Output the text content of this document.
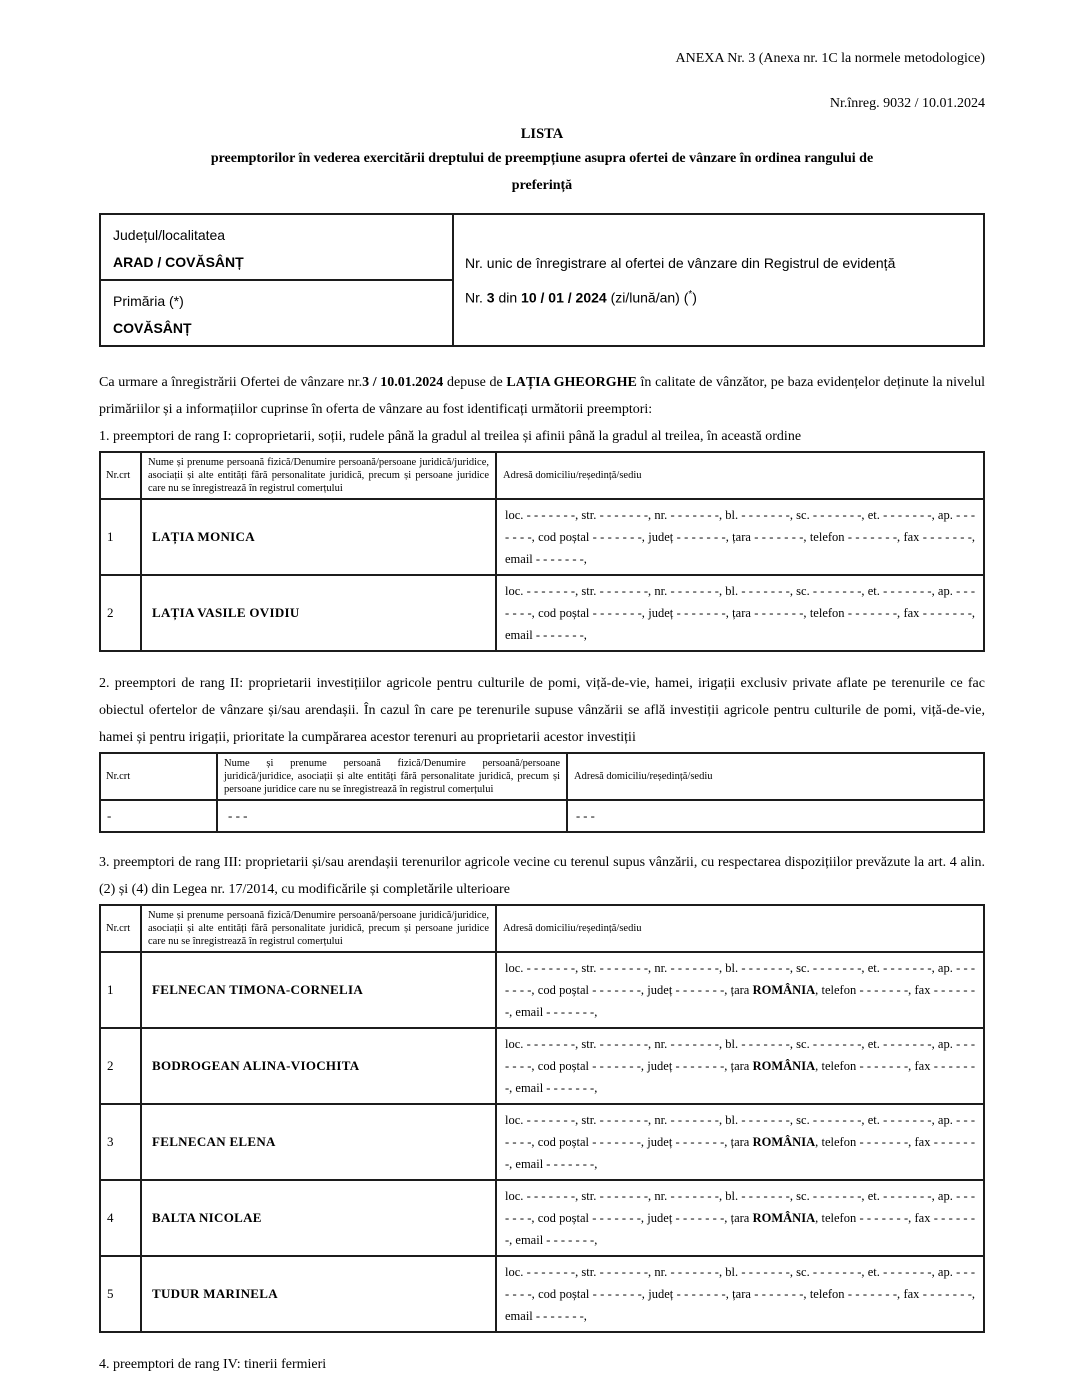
ANEXA Nr. 3 (Anexa nr. 1C la normele metodologice)
Nr.înreg. 9032 / 10.01.2024
LISTA
preemptorilor în vederea exercitării dreptului de preempțiune asupra ofertei de vânzare în ordinea rangului de
preferință
Județul/localitatea
ARAD / COVĂSÂNȚ	Nr. unic de înregistrare al ofertei de vânzare din Registrul de evidență
Nr. 3 din 10 / 01 / 2024 (zi/lună/an) (*)

Primăria (*)
COVĂSÂNȚ

Ca urmare a înregistrării Ofertei de vânzare nr.3 / 10.01.2024 depuse de LAȚIA GHEORGHE în calitate de vânzător, pe baza evidențelor deținute la nivelul primăriilor și a informațiilor cuprinse în oferta de vânzare au fost identificați următorii preemptori:

1. preemptori de rang I: coproprietarii, soții, rudele până la gradul al treilea și afinii până la gradul al treilea, în această ordine

Nr.crt	Nume și prenume persoană fizică/Denumire persoană/persoane juridică/juridice, asociații și alte entități fără personalitate juridică, precum și persoane juridice care nu se înregistrează în registrul comerțului	Adresă domiciliu/reședință/sediu
1	LAȚIA MONICA	loc. - - - - - - -, str. - - - - - - -, nr. - - - - - - -, bl. - - - - - - -, sc. - - - - - - -, et. - - - - - - -, ap. - - - - - - -, cod poștal - - - - - - -, județ - - - - - - -, țara - - - - - - -, telefon - - - - - - -, fax - - - - - - -, email - - - - - - -,
2	LAȚIA VASILE OVIDIU	loc. - - - - - - -, str. - - - - - - -, nr. - - - - - - -, bl. - - - - - - -, sc. - - - - - - -, et. - - - - - - -, ap. - - - - - - -, cod poștal - - - - - - -, județ - - - - - - -, țara - - - - - - -, telefon - - - - - - -, fax - - - - - - -, email - - - - - - -,

2. preemptori de rang II: proprietarii investițiilor agricole pentru culturile de pomi, viță-de-vie, hamei, irigații exclusiv private aflate pe terenurile ce fac obiectul ofertelor de vânzare și/sau arendașii. În cazul în care pe terenurile supuse vânzării se află investiții agricole pentru culturile de pomi, viță-de-vie, hamei și pentru irigații, prioritate la cumpărarea acestor terenuri au proprietarii acestor investiții

Nr.crt	Nume și prenume persoană fizică/Denumire persoană/persoane juridică/juridice, asociații și alte entități fără personalitate juridică, precum și persoane juridice care nu se înregistrează în registrul comerțului	Adresă domiciliu/reședință/sediu
-	- - -	- - -

3. preemptori de rang III: proprietarii și/sau arendașii terenurilor agricole vecine cu terenul supus vânzării, cu respectarea dispozițiilor prevăzute la art. 4 alin. (2) și (4) din Legea nr. 17/2014, cu modificările și completările ulterioare

Nr.crt	Nume și prenume persoană fizică/Denumire persoană/persoane juridică/juridice, asociații și alte entități fără personalitate juridică, precum și persoane juridice care nu se înregistrează în registrul comerțului	Adresă domiciliu/reședință/sediu
1	FELNECAN TIMONA-CORNELIA	loc. - - - - - - -, str. - - - - - - -, nr. - - - - - - -, bl. - - - - - - -, sc. - - - - - - -, et. - - - - - - -, ap. - - - - - - -, cod poștal - - - - - - -, județ - - - - - - -, țara ROMÂNIA, telefon - - - - - - -, fax - - - - - - -, email - - - - - - -,
2	BODROGEAN ALINA-VIOCHITA	loc. - - - - - - -, str. - - - - - - -, nr. - - - - - - -, bl. - - - - - - -, sc. - - - - - - -, et. - - - - - - -, ap. - - - - - - -, cod poștal - - - - - - -, județ - - - - - - -, țara ROMÂNIA, telefon - - - - - - -, fax - - - - - - -, email - - - - - - -,
3	FELNECAN ELENA	loc. - - - - - - -, str. - - - - - - -, nr. - - - - - - -, bl. - - - - - - -, sc. - - - - - - -, et. - - - - - - -, ap. - - - - - - -, cod poștal - - - - - - -, județ - - - - - - -, țara ROMÂNIA, telefon - - - - - - -, fax - - - - - - -, email - - - - - - -,
4	BALTA NICOLAE	loc. - - - - - - -, str. - - - - - - -, nr. - - - - - - -, bl. - - - - - - -, sc. - - - - - - -, et. - - - - - - -, ap. - - - - - - -, cod poștal - - - - - - -, județ - - - - - - -, țara ROMÂNIA, telefon - - - - - - -, fax - - - - - - -, email - - - - - - -,
5	TUDUR MARINELA	loc. - - - - - - -, str. - - - - - - -, nr. - - - - - - -, bl. - - - - - - -, sc. - - - - - - -, et. - - - - - - -, ap. - - - - - - -, cod poștal - - - - - - -, județ - - - - - - -, țara - - - - - - -, telefon - - - - - - -, fax - - - - - - -, email - - - - - - -,

4. preemptori de rang IV: tinerii fermieri
